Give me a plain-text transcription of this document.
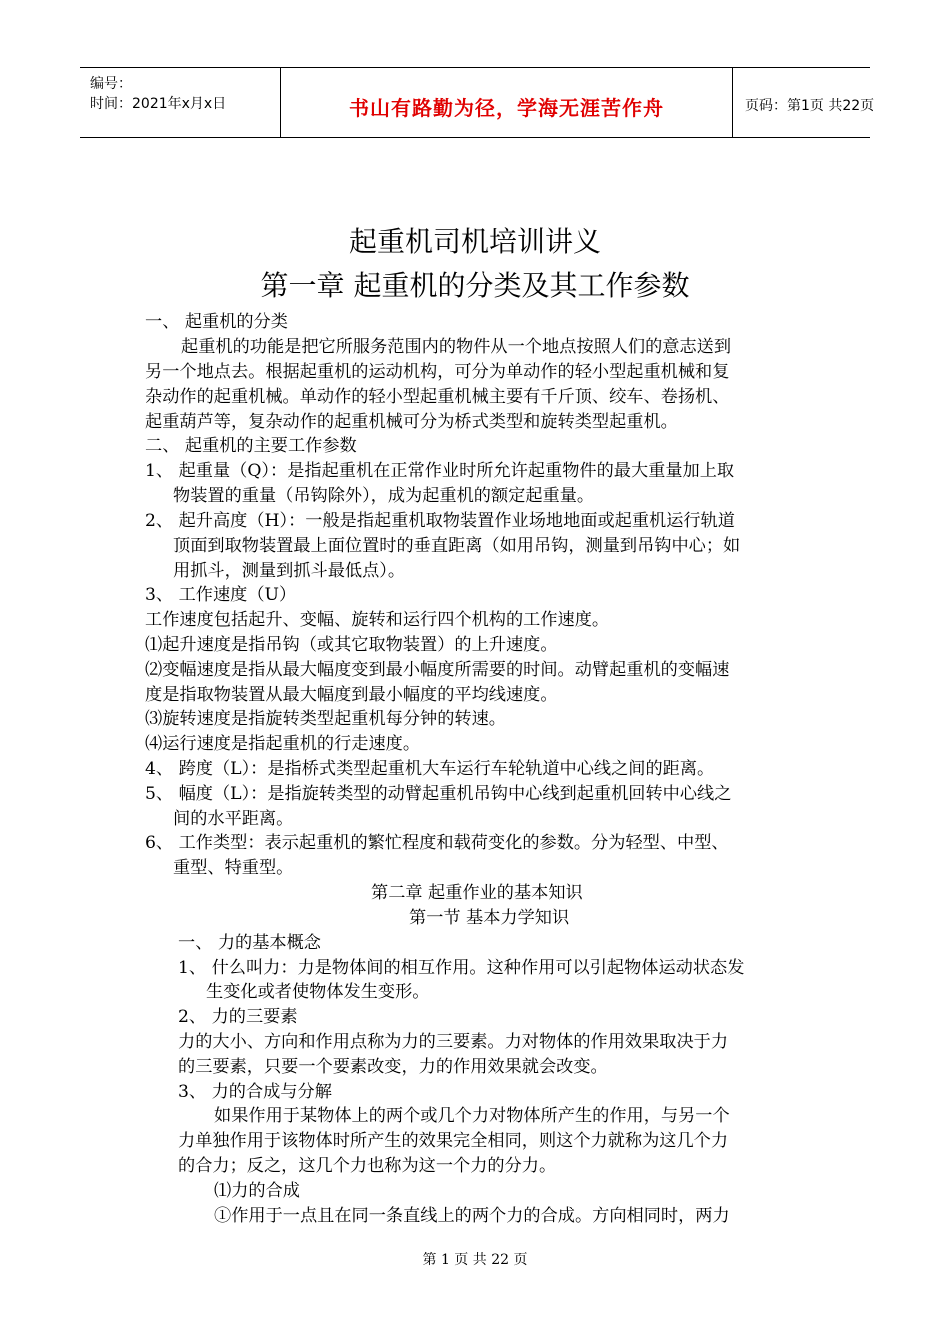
编号：
时间：2021年x月x日	书山有路勤为径，学海无涯苦作舟	页码：第1页 共22页
起重机司机培训讲义
第一章 起重机的分类及其工作参数
一、 起重机的分类
起重机的功能是把它所服务范围内的物件从一个地点按照人们的意志送到
另一个地点去。根据起重机的运动机构，可分为单动作的轻小型起重机械和复
杂动作的起重机械。单动作的轻小型起重机械主要有千斤顶、绞车、卷扬机、
起重葫芦等，复杂动作的起重机械可分为桥式类型和旋转类型起重机。
二、 起重机的主要工作参数
1、 起重量（Q）：是指起重机在正常作业时所允许起重物件的最大重量加上取
物装置的重量（吊钩除外），成为起重机的额定起重量。
2、 起升高度（H）：一般是指起重机取物装置作业场地地面或起重机运行轨道
顶面到取物装置最上面位置时的垂直距离（如用吊钩，测量到吊钩中心；如
用抓斗，测量到抓斗最低点）。
3、 工作速度（U）
工作速度包括起升、变幅、旋转和运行四个机构的工作速度。
⑴起升速度是指吊钩（或其它取物装置）的上升速度。
⑵变幅速度是指从最大幅度变到最小幅度所需要的时间。动臂起重机的变幅速
度是指取物装置从最大幅度到最小幅度的平均线速度。
⑶旋转速度是指旋转类型起重机每分钟的转速。
⑷运行速度是指起重机的行走速度。
4、 跨度（L）：是指桥式类型起重机大车运行车轮轨道中心线之间的距离。
5、 幅度（L）：是指旋转类型的动臂起重机吊钩中心线到起重机回转中心线之
间的水平距离。
6、 工作类型：表示起重机的繁忙程度和载荷变化的参数。分为轻型、中型、
重型、特重型。
第二章 起重作业的基本知识
第一节 基本力学知识
一、 力的基本概念
1、 什么叫力：力是物体间的相互作用。这种作用可以引起物体运动状态发
生变化或者使物体发生变形。
2、 力的三要素
力的大小、方向和作用点称为力的三要素。力对物体的作用效果取决于力
的三要素，只要一个要素改变，力的作用效果就会改变。
3、 力的合成与分解
如果作用于某物体上的两个或几个力对物体所产生的作用，与另一个
力单独作用于该物体时所产生的效果完全相同，则这个力就称为这几个力
的合力；反之，这几个力也称为这一个力的分力。
⑴力的合成
①作用于一点且在同一条直线上的两个力的合成。方向相同时，两力
第 1 页 共 22 页
